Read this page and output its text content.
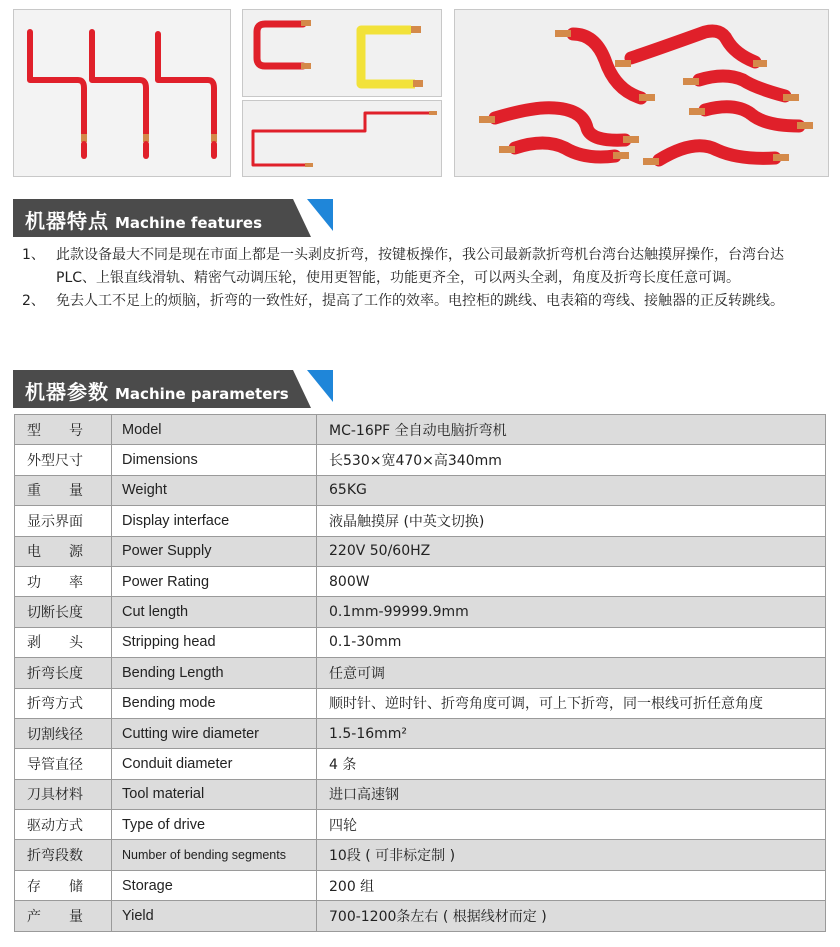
机器特点 Machine features
1、 此款设备最大不同是现在市面上都是一头剥皮折弯，按键板操作，我公司最新款折弯机台湾台达触摸屏操作，台湾台达PLC、上银直线滑轨、精密气动调压轮，使用更智能，功能更齐全，可以两头全剥，角度及折弯长度任意可调。
2、 免去人工不足上的烦脑，折弯的一致性好，提高了工作的效率。电控柜的跳线、电表箱的弯线、接触器的正反转跳线。
机器参数 Machine parameters
型　　号	Model	MC-16PF 全自动电脑折弯机
外型尺寸	Dimensions	长530×宽470×高340mm
重　　量	Weight	65KG
显示界面	Display interface	液晶触摸屏 (中英文切换)
电　　源	Power Supply	220V 50/60HZ
功　　率	Power Rating	800W
切断长度	Cut length	0.1mm-99999.9mm
剥　　头	Stripping head	0.1-30mm
折弯长度	Bending Length	任意可调
折弯方式	Bending mode	顺时针、逆时针、折弯角度可调，可上下折弯，同一根线可折任意角度
切割线径	Cutting wire diameter	1.5-16mm²
导管直径	Conduit diameter	4 条
刀具材料	Tool material	进口高速钢
驱动方式	Type of drive	四轮
折弯段数	Number of bending segments	10段 ( 可非标定制 )
存　　储	Storage	200 组
产　　量	Yield	700-1200条左右 ( 根据线材而定 )
